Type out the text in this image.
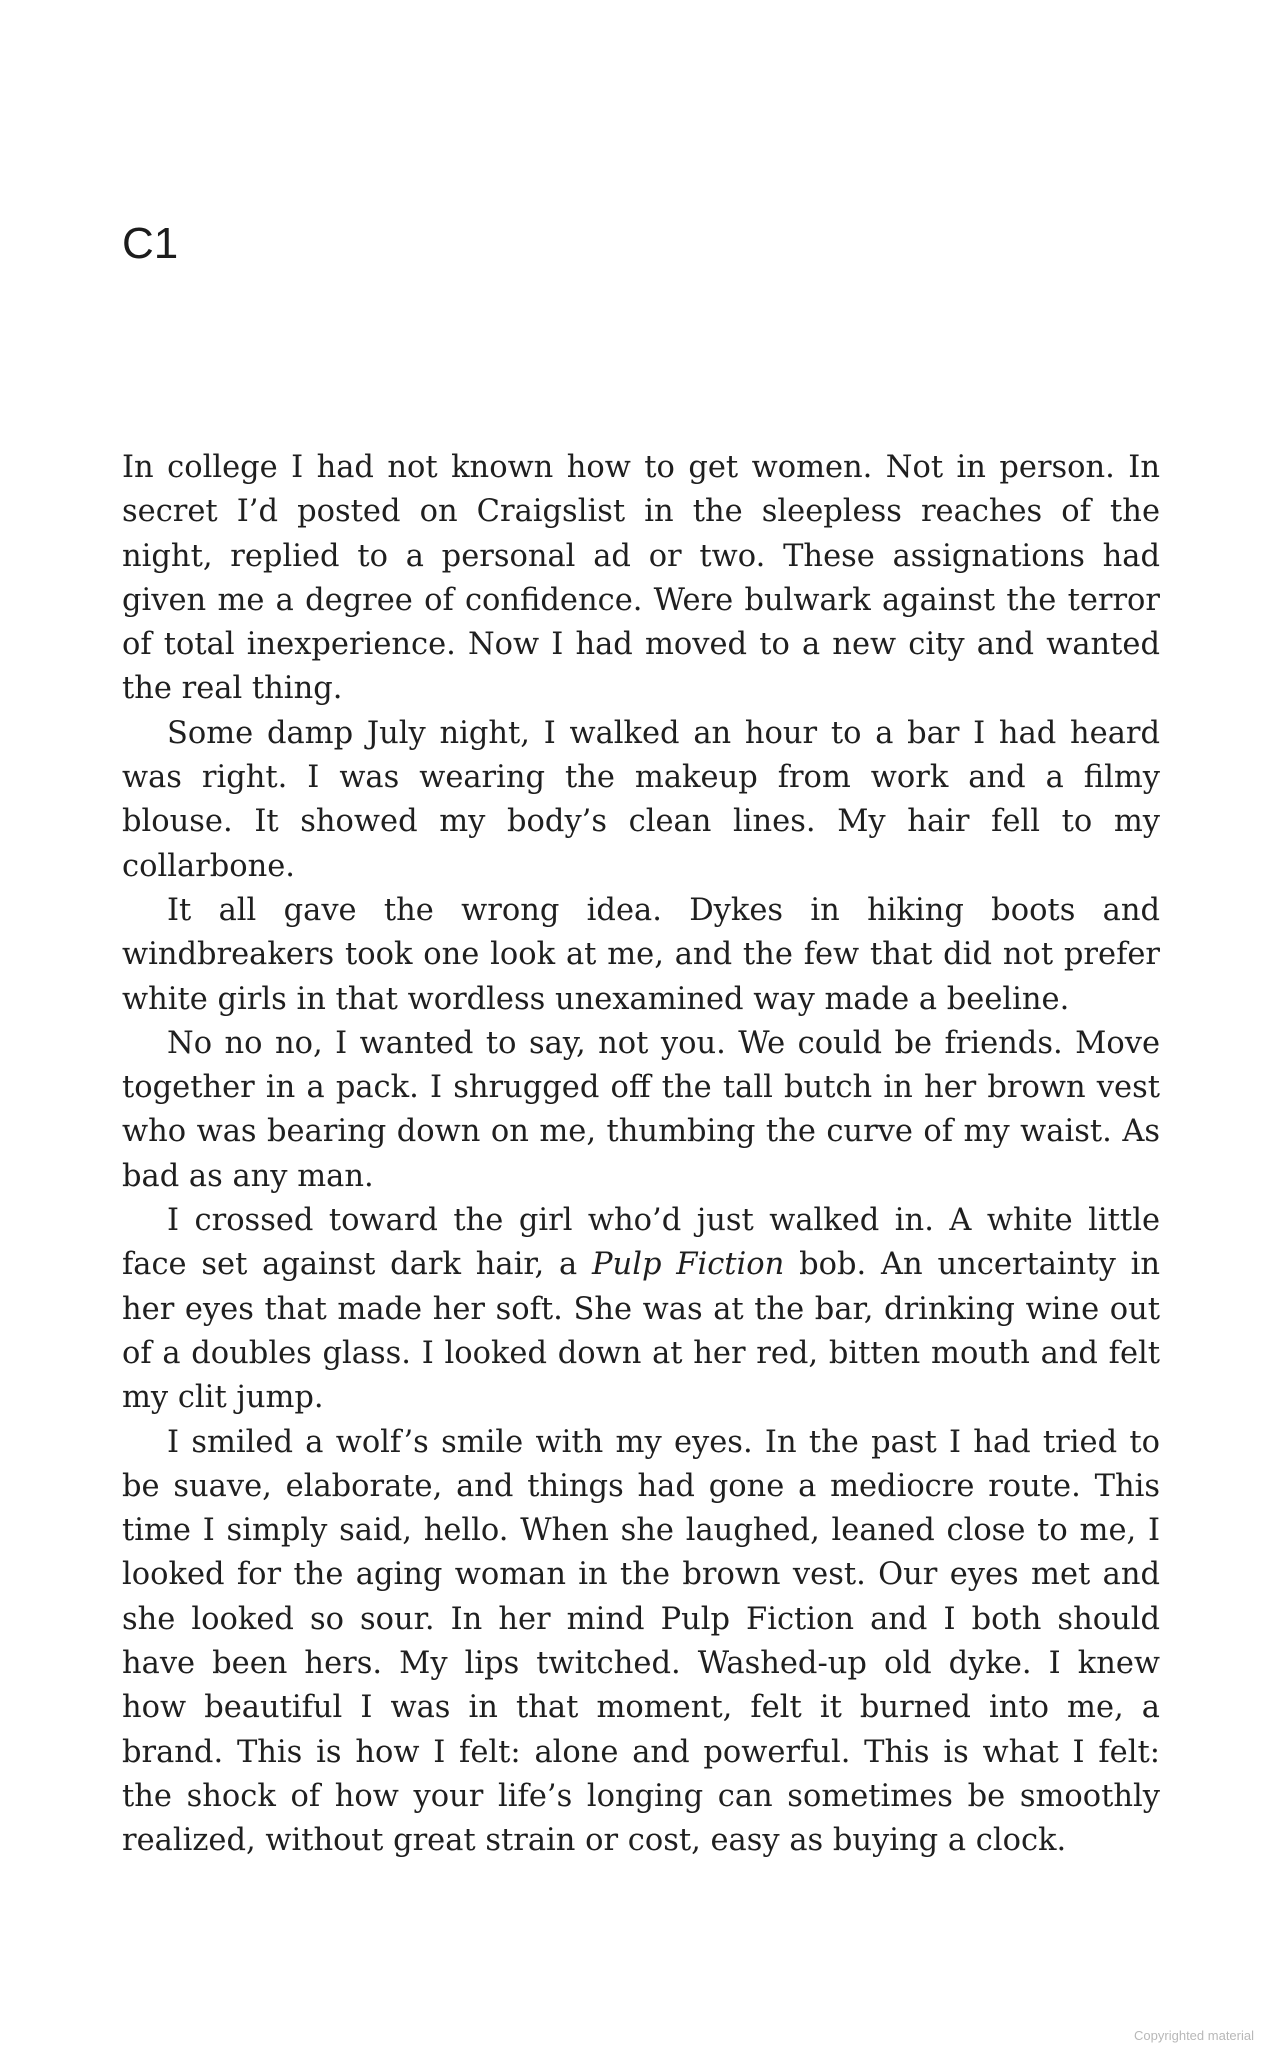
C1

In college I had not known how to get women. Not in person. In secret I’d posted on Craigslist in the sleepless reaches of the night, replied to a personal ad or two. These assignations had given me a degree of confidence. Were bulwark against the terror of total inexperience. Now I had moved to a new city and wanted the real thing.

Some damp July night, I walked an hour to a bar I had heard was right. I was wearing the makeup from work and a filmy blouse. It showed my body’s clean lines. My hair fell to my collarbone.

It all gave the wrong idea. Dykes in hiking boots and windbreakers took one look at me, and the few that did not prefer white girls in that wordless unexamined way made a beeline.

No no no, I wanted to say, not you. We could be friends. Move together in a pack. I shrugged off the tall butch in her brown vest who was bearing down on me, thumbing the curve of my waist. As bad as any man.

I crossed toward the girl who’d just walked in. A white little face set against dark hair, a Pulp Fiction bob. An uncertainty in her eyes that made her soft. She was at the bar, drinking wine out of a doubles glass. I looked down at her red, bitten mouth and felt my clit jump.

I smiled a wolf’s smile with my eyes. In the past I had tried to be suave, elaborate, and things had gone a mediocre route. This time I simply said, hello. When she laughed, leaned close to me, I looked for the aging woman in the brown vest. Our eyes met and she looked so sour. In her mind Pulp Fiction and I both should have been hers. My lips twitched. Washed-up old dyke. I knew how beautiful I was in that moment, felt it burned into me, a brand. This is how I felt: alone and powerful. This is what I felt: the shock of how your life’s longing can sometimes be smoothly realized, without great strain or cost, easy as buying a clock.

Copyrighted material
